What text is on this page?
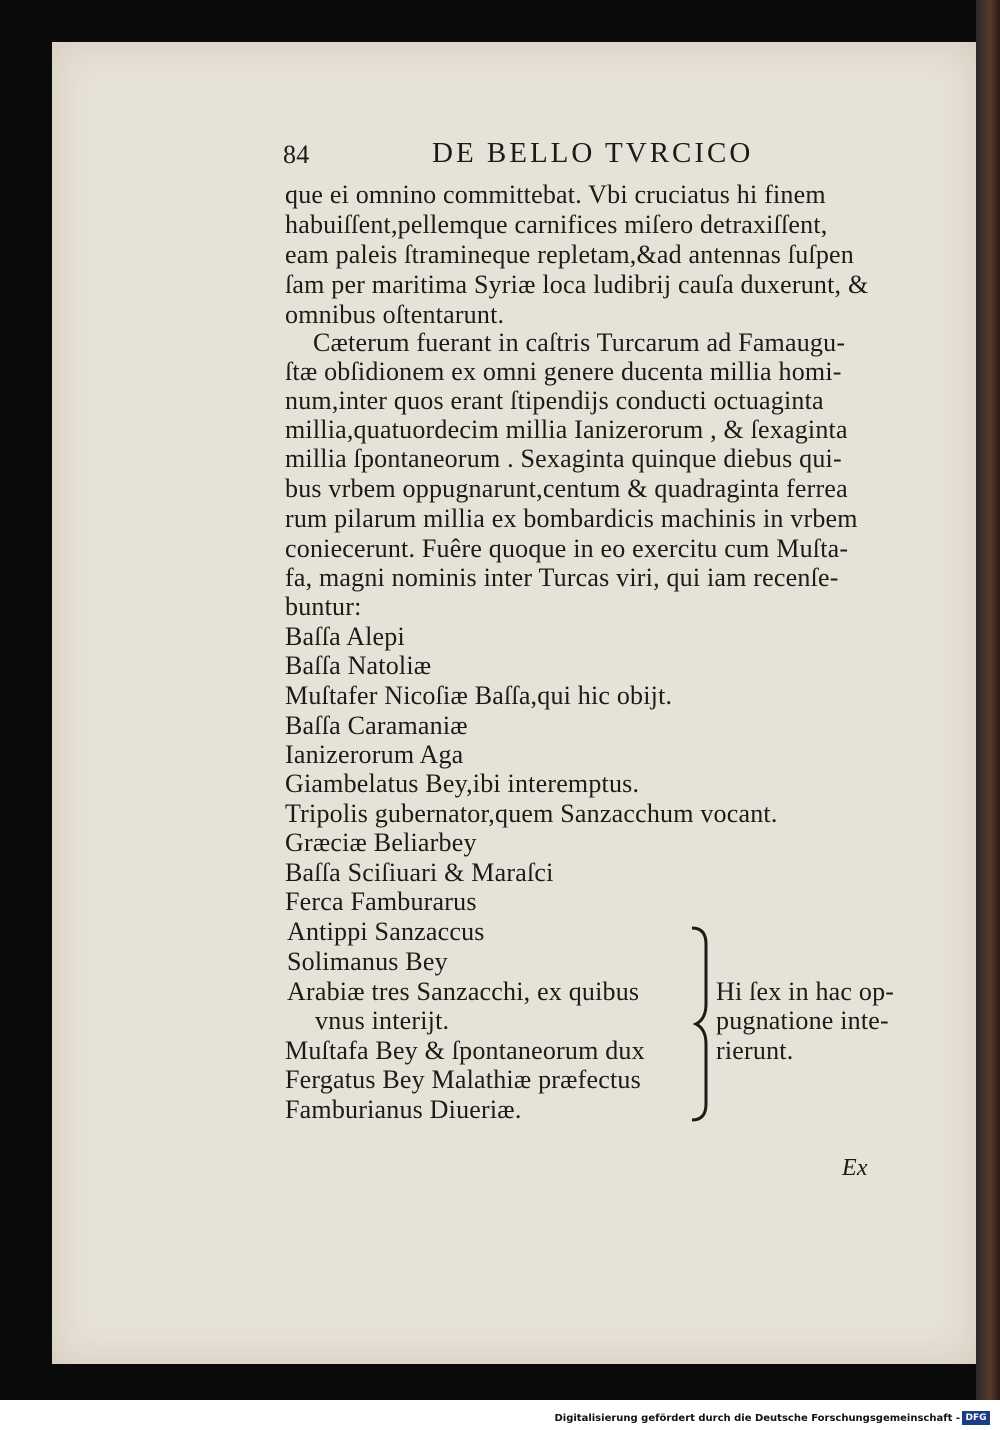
84	DE BELLO TVRCICO
que ei omnino committebat. Vbi cruciatus hi finem
habuiſſent,pellemque carnifices miſero detraxiſſent,
eam paleis ſtramineque repletam,&ad antennas ſuſpen
ſam per maritima Syriæ loca ludibrij cauſa duxerunt, &
omnibus oſtentarunt.
Cæterum fuerant in caſtris Turcarum ad Famaugu-
ſtæ obſidionem ex omni genere ducenta millia homi-
num,inter quos erant ſtipendijs conducti octuaginta
millia,quatuordecim millia Ianizerorum , & ſexaginta
millia ſpontaneorum . Sexaginta quinque diebus qui-
bus vrbem oppugnarunt,centum & quadraginta ferrea
rum pilarum millia ex bombardicis machinis in vrbem
coniecerunt. Fuêre quoque in eo exercitu cum Muſta-
fa, magni nominis inter Turcas viri, qui iam recenſe-
buntur:
Baſſa Alepi
Baſſa Natoliæ
Muſtafer Nicoſiæ Baſſa,qui hic obijt.
Baſſa Caramaniæ
Ianizerorum Aga
Giambelatus Bey,ibi interemptus.
Tripolis gubernator,quem Sanzacchum vocant.
Græciæ Beliarbey
Baſſa Sciſiuari & Maraſci
Ferca Famburarus
Antippi Sanzaccus
Solimanus Bey
Arabiæ tres Sanzacchi, ex quibus
vnus interijt.
Muſtafa Bey & ſpontaneorum dux
Fergatus Bey Malathiæ præfectus
Famburianus Diueriæ.
Hi ſex in hac op-
pugnatione inte-
rierunt.
Ex
Digitalisierung gefördert durch die Deutsche Forschungsgemeinschaft - DFG
